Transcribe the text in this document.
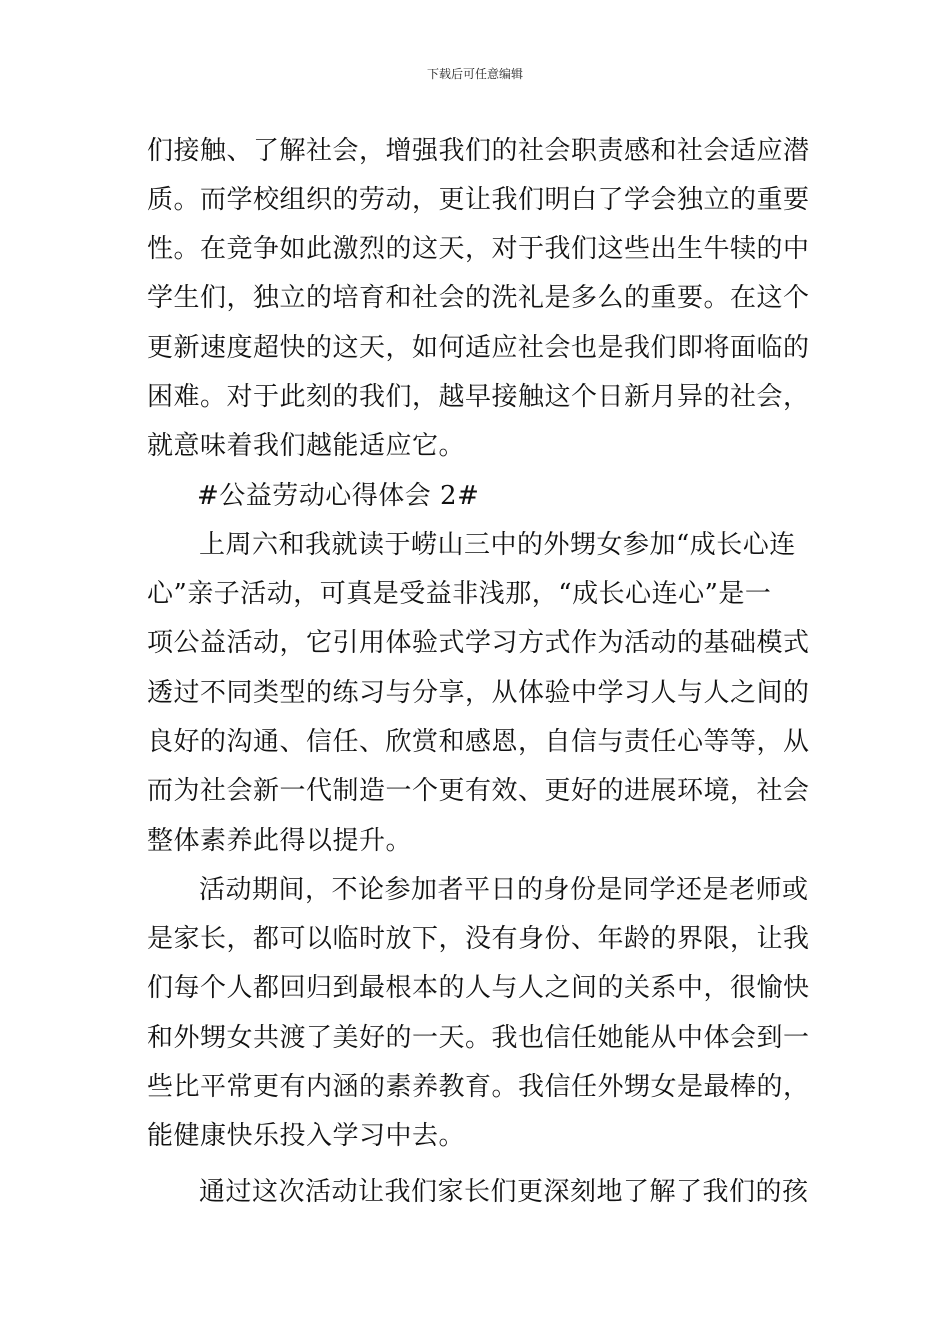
下载后可任意编辑
们接触、了解社会，增强我们的社会职责感和社会适应潜
质。而学校组织的劳动，更让我们明白了学会独立的重要
性。在竞争如此激烈的这天，对于我们这些出生牛犊的中
学生们，独立的培育和社会的洗礼是多么的重要。在这个
更新速度超快的这天，如何适应社会也是我们即将面临的
困难。对于此刻的我们，越早接触这个日新月异的社会，
就意味着我们越能适应它。
#公益劳动心得体会 2#
上周六和我就读于崂山三中的外甥女参加“成长心连
心”亲子活动，可真是受益非浅那，“成长心连心”是一
项公益活动，它引用体验式学习方式作为活动的基础模式
透过不同类型的练习与分享，从体验中学习人与人之间的
良好的沟通、信任、欣赏和感恩，自信与责任心等等，从
而为社会新一代制造一个更有效、更好的进展环境，社会
整体素养此得以提升。
活动期间，不论参加者平日的身份是同学还是老师或
是家长，都可以临时放下，没有身份、年龄的界限，让我
们每个人都回归到最根本的人与人之间的关系中，很愉快
和外甥女共渡了美好的一天。我也信任她能从中体会到一
些比平常更有内涵的素养教育。我信任外甥女是最棒的，
能健康快乐投入学习中去。
通过这次活动让我们家长们更深刻地了解了我们的孩
